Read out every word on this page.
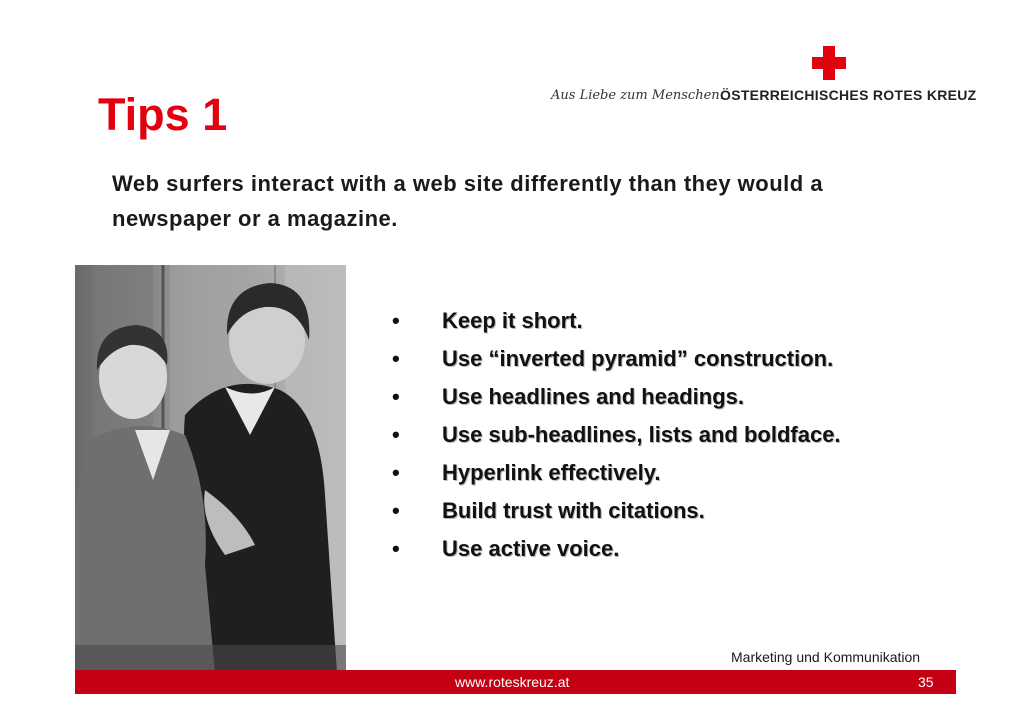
Aus Liebe zum Menschen.
ÖSTERREICHISCHES ROTES KREUZ
Tips 1
Web surfers interact with a web site differently than they would a newspaper or a magazine.
• Keep it short.
• Use “inverted pyramid” construction.
• Use headlines and headings.
• Use sub-headlines, lists and boldface.
• Hyperlink effectively.
• Build trust with citations.
• Use active voice.
Marketing und Kommunikation
www.roteskreuz.at	35
